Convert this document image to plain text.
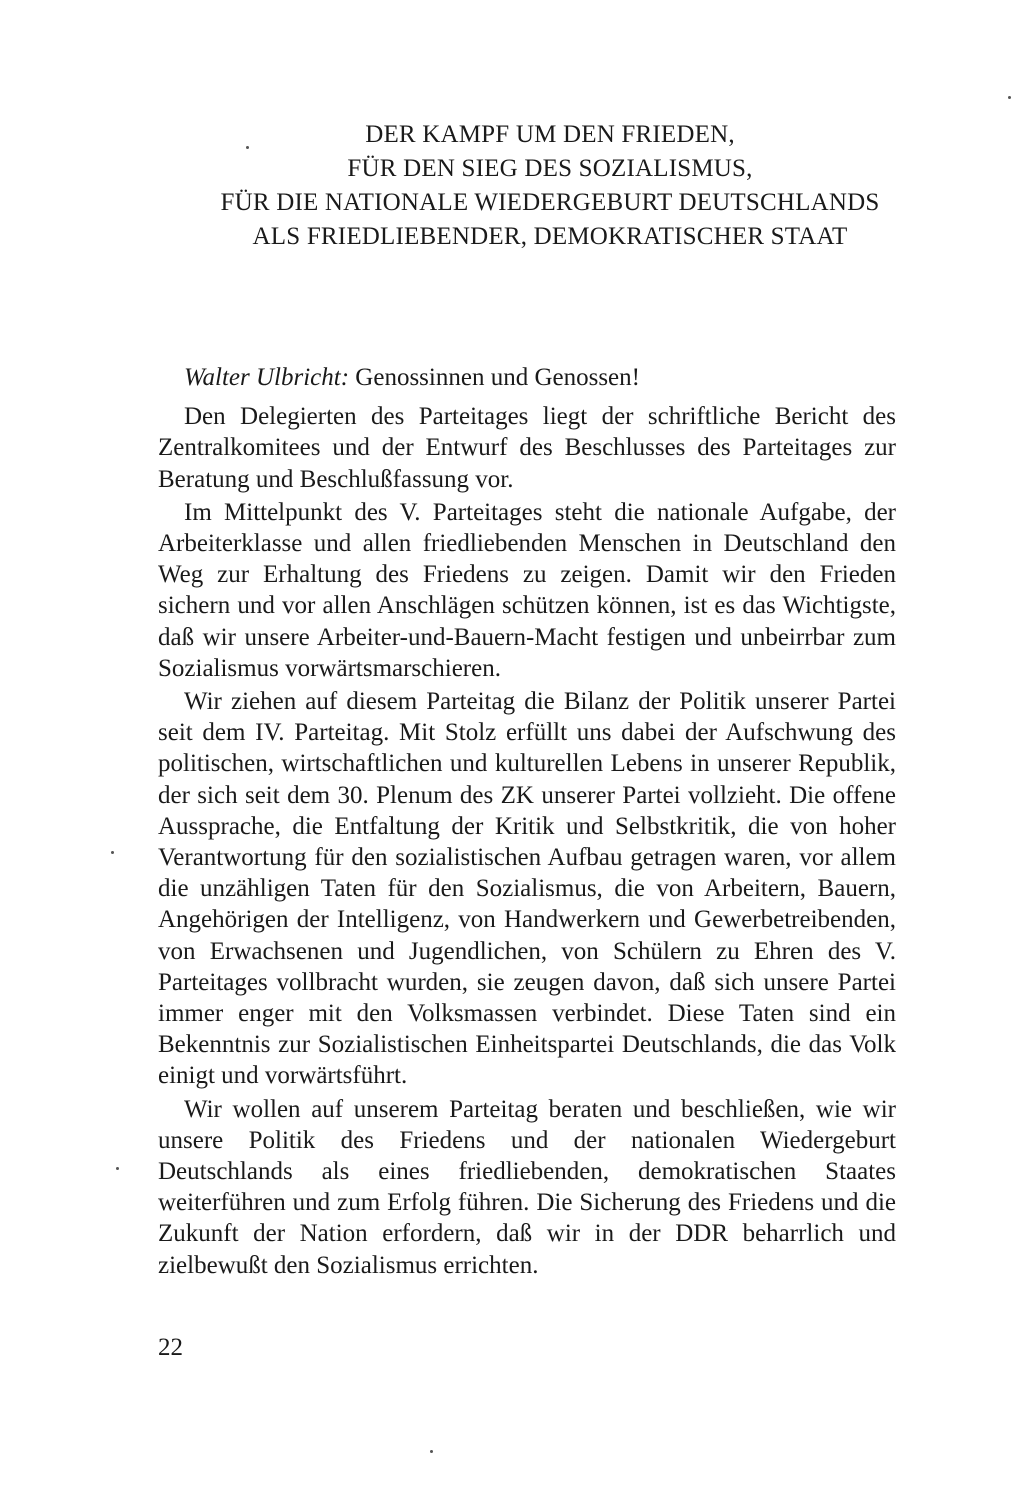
DER KAMPF UM DEN FRIEDEN,
FÜR DEN SIEG DES SOZIALISMUS,
FÜR DIE NATIONALE WIEDERGEBURT DEUTSCHLANDS
ALS FRIEDLIEBENDER, DEMOKRATISCHER STAAT

Walter Ulbricht: Genossinnen und Genossen!

Den Delegierten des Parteitages liegt der schriftliche Bericht des Zentralkomitees und der Entwurf des Beschlusses des Parteitages zur Beratung und Beschlußfassung vor.

Im Mittelpunkt des V. Parteitages steht die nationale Aufgabe, der Arbeiterklasse und allen friedliebenden Menschen in Deutschland den Weg zur Erhaltung des Friedens zu zeigen. Damit wir den Frieden sichern und vor allen Anschlägen schützen können, ist es das Wichtigste, daß wir unsere Arbeiter-und-Bauern-Macht festigen und unbeirrbar zum Sozialismus vorwärtsmarschieren.

Wir ziehen auf diesem Parteitag die Bilanz der Politik unserer Partei seit dem IV. Parteitag. Mit Stolz erfüllt uns dabei der Aufschwung des politischen, wirtschaftlichen und kulturellen Lebens in unserer Republik, der sich seit dem 30. Plenum des ZK unserer Partei vollzieht. Die offene Aussprache, die Entfaltung der Kritik und Selbstkritik, die von hoher Verantwortung für den sozialistischen Aufbau getragen waren, vor allem die unzähligen Taten für den Sozialismus, die von Arbeitern, Bauern, Angehörigen der Intelligenz, von Handwerkern und Gewerbetreibenden, von Erwachsenen und Jugendlichen, von Schülern zu Ehren des V. Parteitages vollbracht wurden, sie zeugen davon, daß sich unsere Partei immer enger mit den Volksmassen verbindet. Diese Taten sind ein Bekenntnis zur Sozialistischen Einheitspartei Deutschlands, die das Volk einigt und vorwärtsführt.

Wir wollen auf unserem Parteitag beraten und beschließen, wie wir unsere Politik des Friedens und der nationalen Wiedergeburt Deutschlands als eines friedliebenden, demokratischen Staates weiterführen und zum Erfolg führen. Die Sicherung des Friedens und die Zukunft der Nation erfordern, daß wir in der DDR beharrlich und zielbewußt den Sozialismus errichten.

22
